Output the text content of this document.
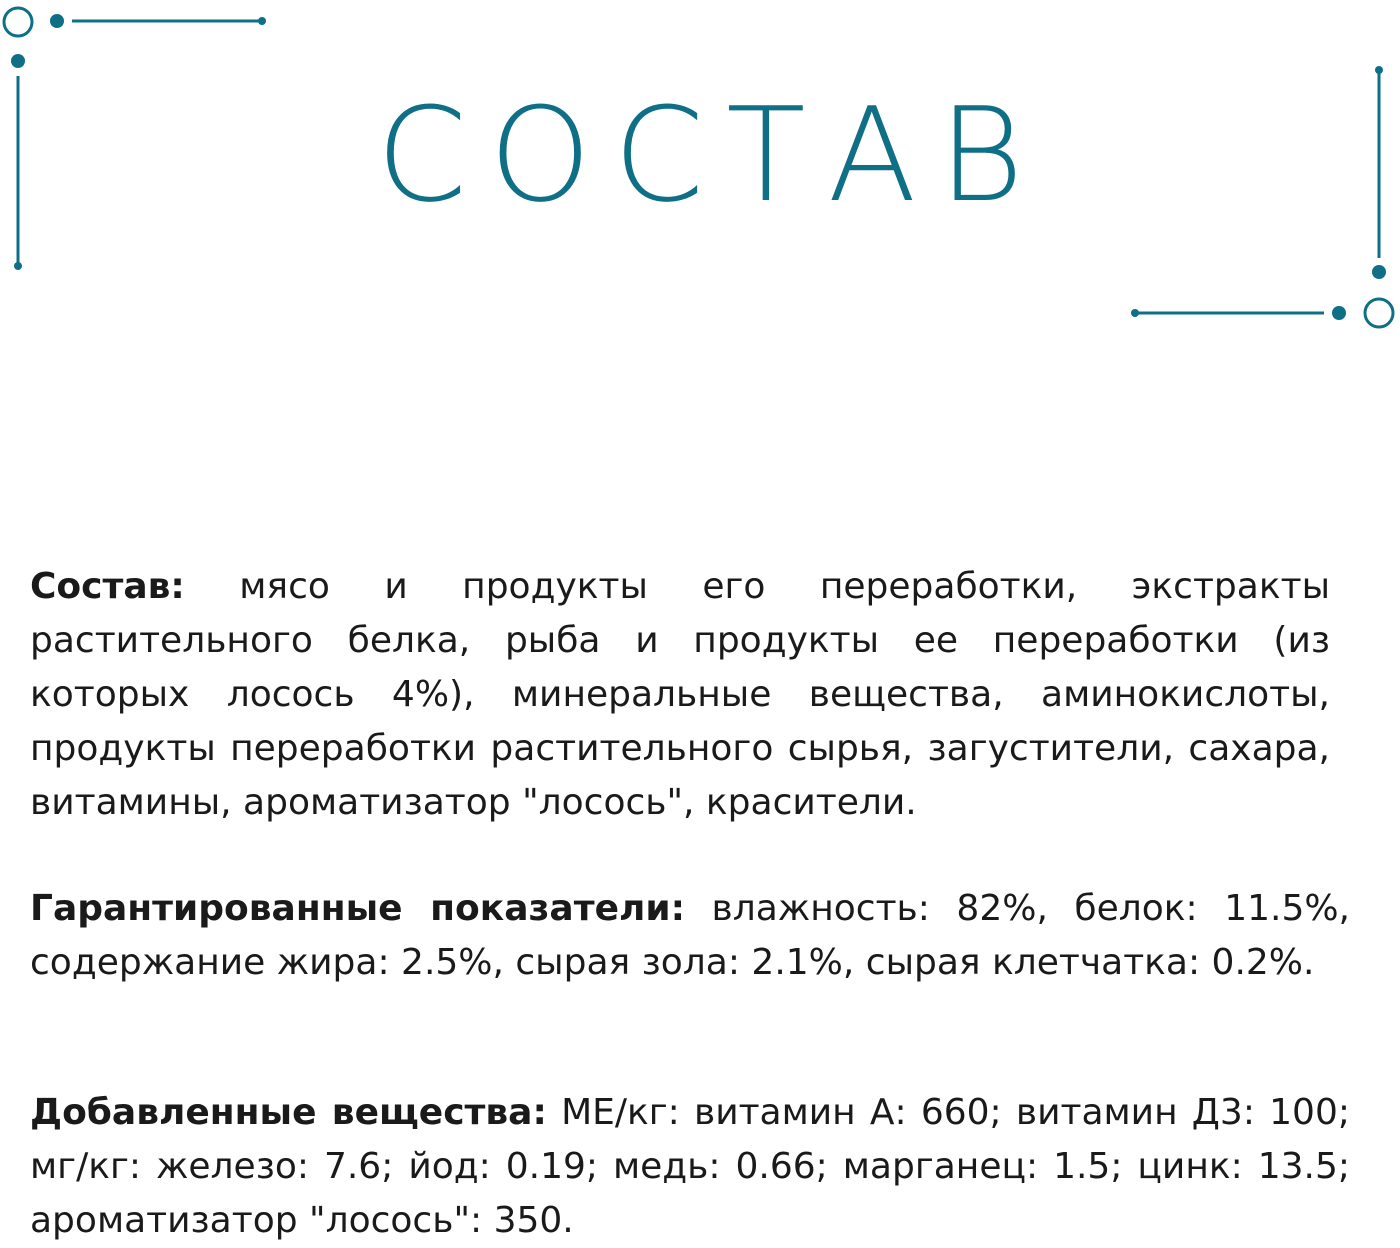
СОСТАВ
Состав: мясо и продукты его переработки, экстракты растительного белка, рыба и продукты ее переработки (из которых лосось 4%), минеральные вещества, аминокислоты, продукты переработки растительного сырья, загустители, сахара, витамины, ароматизатор "лосось", красители.
Гарантированные показатели: влажность: 82%, белок: 11.5%, содержание жира: 2.5%, сырая зола: 2.1%, сырая клетчатка: 0.2%.
Добавленные вещества: МЕ/кг: витамин А: 660; витамин Д3: 100; мг/кг: железо: 7.6; йод: 0.19; медь: 0.66; марганец: 1.5; цинк: 13.5; ароматизатор "лосось": 350.
